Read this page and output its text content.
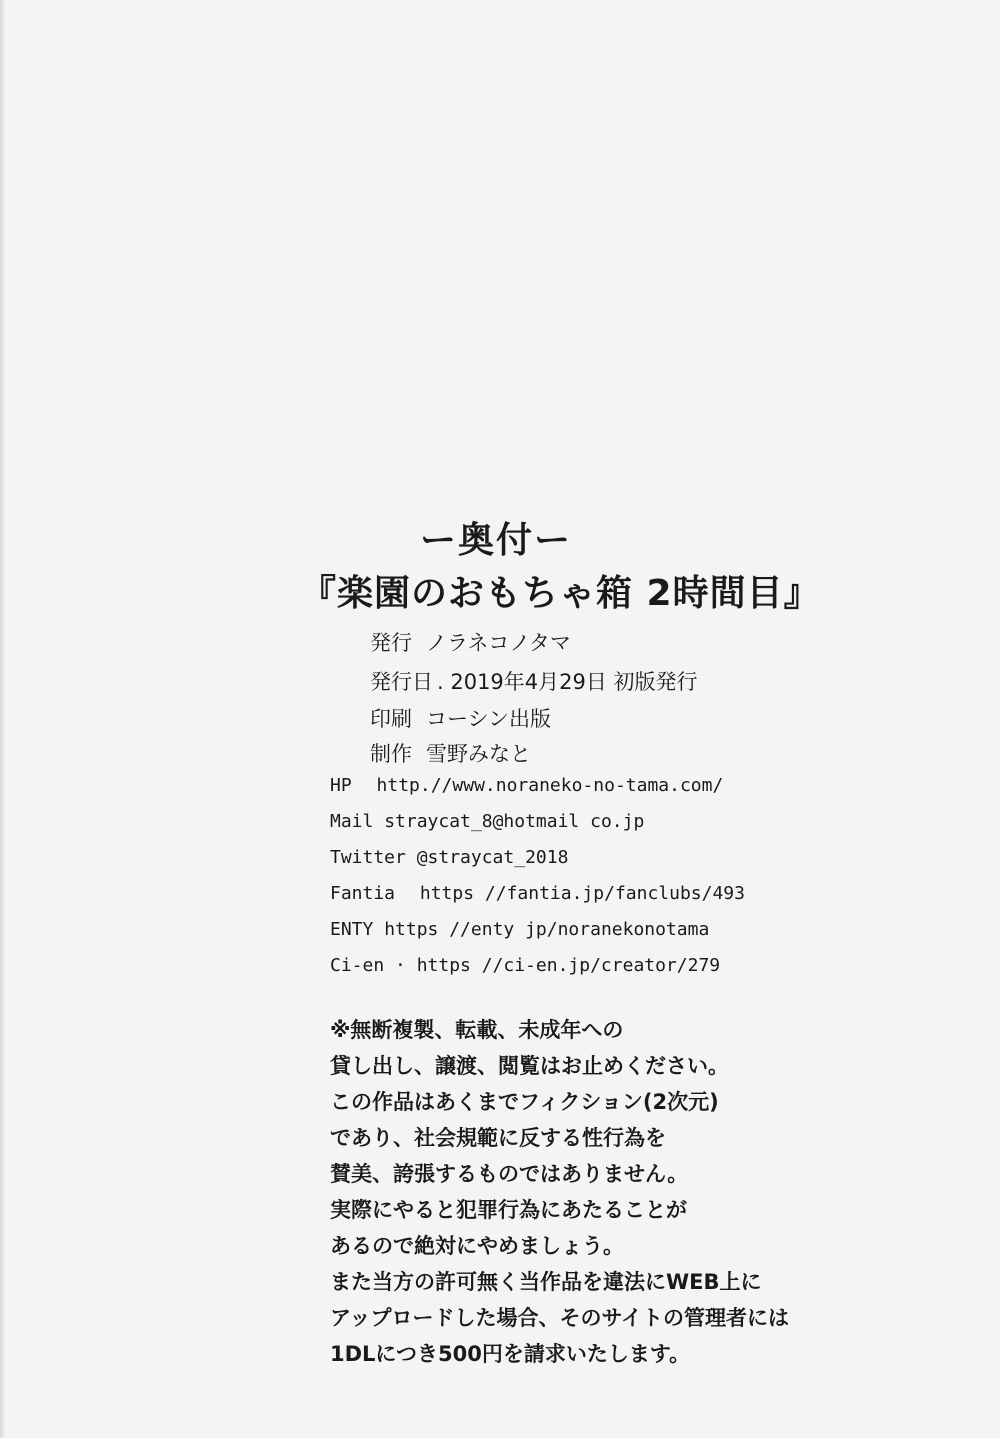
ー奥付ー
『楽園のおもちゃ箱 2時間目』
発行 ノラネコノタマ
発行日 . 2019年4月29日 初版発行
印刷 コーシン出版
制作 雪野みなと
HP http.//www.noraneko-no-tama.com/
Mail straycat_8@hotmail co.jp
Twitter @straycat_2018
Fantia https //fantia.jp/fanclubs/493
ENTY https //enty jp/noranekonotama
Ci-en · https //ci-en.jp/creator/279
※無断複製、転載、未成年への
貸し出し、譲渡、閲覧はお止めください。
この作品はあくまでフィクション(2次元)
であり、社会規範に反する性行為を
賛美、誇張するものではありません。
実際にやると犯罪行為にあたることが
あるので絶対にやめましょう。
また当方の許可無く当作品を違法にWEB上に
アップロードした場合、そのサイトの管理者には
1DLにつき500円を請求いたします。
